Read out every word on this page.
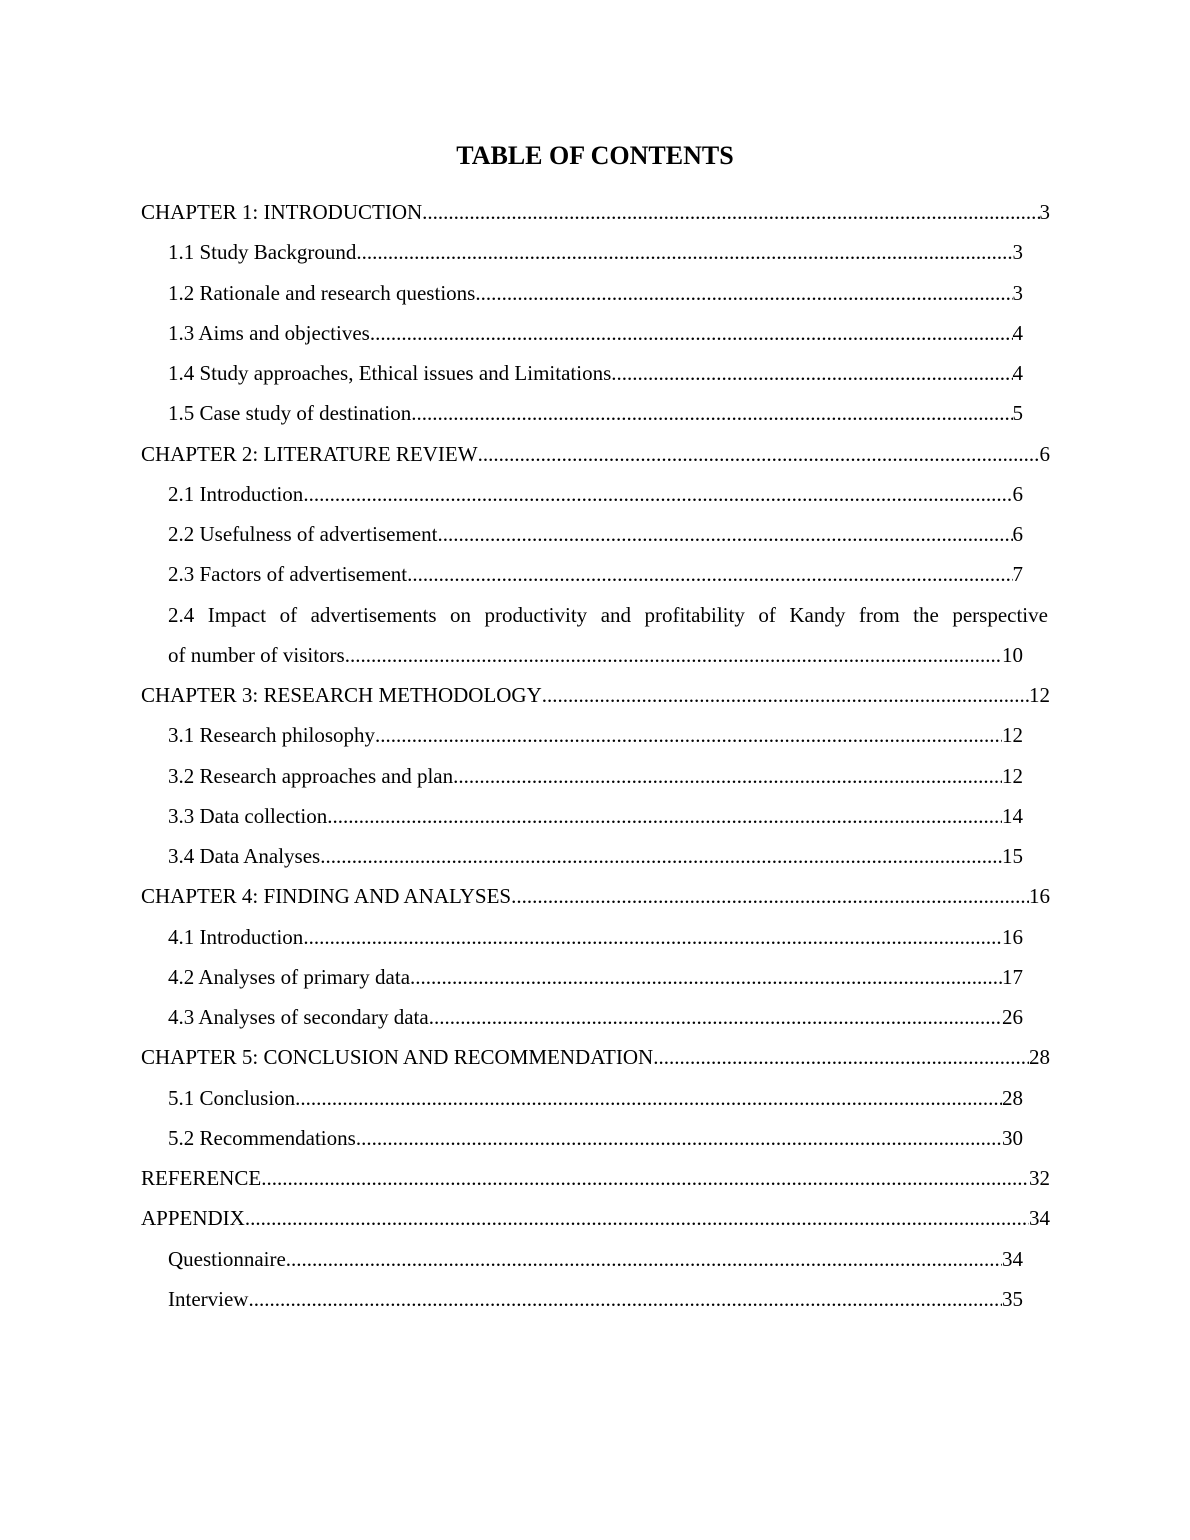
TABLE OF CONTENTS
CHAPTER 1: INTRODUCTION .....	3
1.1 Study Background .....	3
1.2 Rationale and research questions .....	3
1.3 Aims and objectives .....	4
1.4 Study approaches, Ethical issues and Limitations .....	4
1.5 Case study of destination .....	5
CHAPTER 2: LITERATURE REVIEW .....	6
2.1 Introduction .....	6
2.2 Usefulness of advertisement .....	6
2.3 Factors of advertisement .....	7
2.4 Impact of advertisements on productivity and profitability of Kandy from the perspective
of number of visitors .....	10
CHAPTER 3: RESEARCH METHODOLOGY .....	12
3.1 Research philosophy .....	12
3.2 Research approaches and plan .....	12
3.3 Data collection .....	14
3.4 Data Analyses .....	15
CHAPTER 4: FINDING AND ANALYSES .....	16
4.1 Introduction .....	16
4.2 Analyses of primary data .....	17
4.3 Analyses of secondary data .....	26
CHAPTER 5: CONCLUSION AND RECOMMENDATION .....	28
5.1 Conclusion .....	28
5.2 Recommendations .....	30
REFERENCE .....	32
APPENDIX .....	34
Questionnaire .....	34
Interview .....	35
